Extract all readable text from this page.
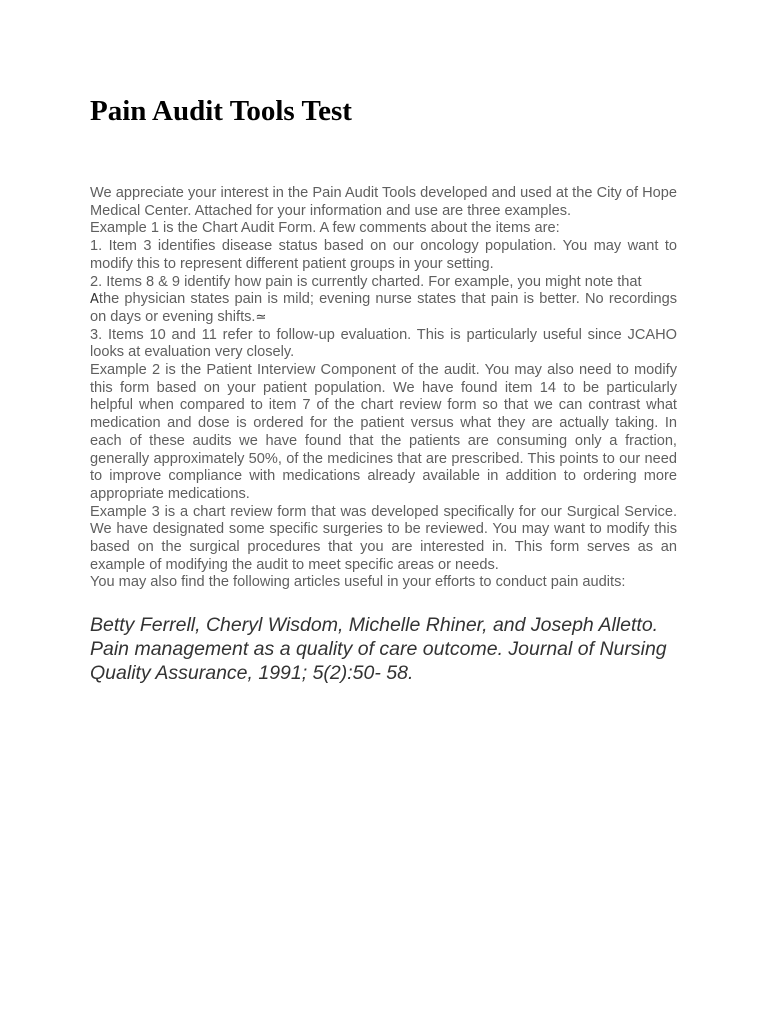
Pain Audit Tools Test

We appreciate your interest in the Pain Audit Tools developed and used at the City of Hope Medical Center. Attached for your information and use are three examples.

Example 1 is the Chart Audit Form. A few comments about the items are:

1. Item 3 identifies disease status based on our oncology population. You may want to modify this to represent different patient groups in your setting.

2. Items 8 & 9 identify how pain is currently charted. For example, you might note that

Athe physician states pain is mild; evening nurse states that pain is better. No recordings on days or evening shifts.≃

3. Items 10 and 11 refer to follow-up evaluation. This is particularly useful since JCAHO looks at evaluation very closely.

Example 2 is the Patient Interview Component of the audit. You may also need to modify this form based on your patient population. We have found item 14 to be particularly helpful when compared to item 7 of the chart review form so that we can contrast what medication and dose is ordered for the patient versus what they are actually taking. In each of these audits we have found that the patients are consuming only a fraction, generally approximately 50%, of the medicines that are prescribed. This points to our need to improve compliance with medications already available in addition to ordering more appropriate medications.

Example 3 is a chart review form that was developed specifically for our Surgical Service. We have designated some specific surgeries to be reviewed. You may want to modify this based on the surgical procedures that you are interested in. This form serves as an example of modifying the audit to meet specific areas or needs.

You may also find the following articles useful in your efforts to conduct pain audits:

Betty Ferrell, Cheryl Wisdom, Michelle Rhiner, and Joseph Alletto. Pain management as a quality of care outcome. Journal of Nursing Quality Assurance, 1991; 5(2):50- 58.
